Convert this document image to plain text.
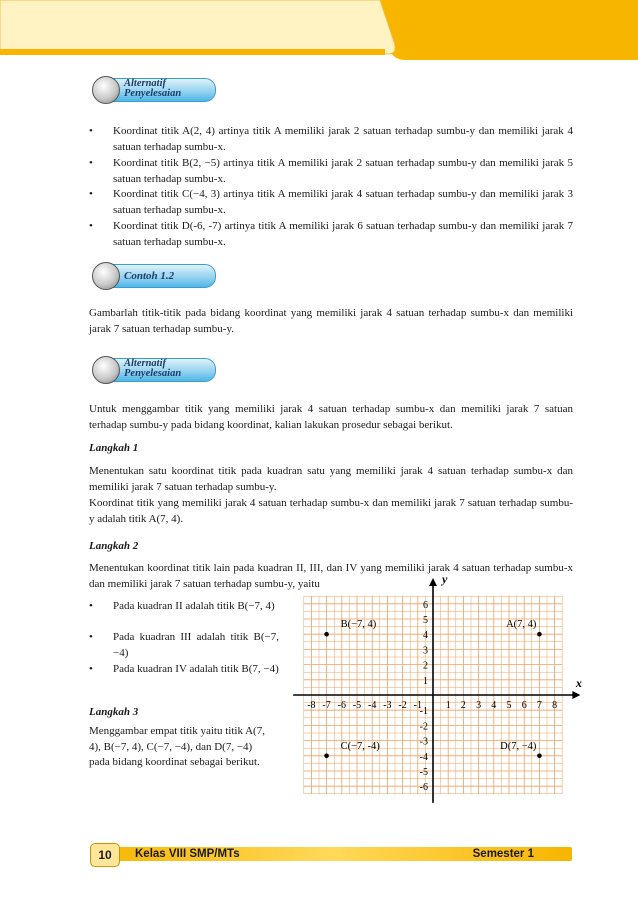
Alternatif
Penyelesaian
• Koordinat titik A(2, 4) artinya titik A memiliki jarak 2 satuan terhadap sumbu-y dan memiliki jarak 4 satuan terhadap sumbu-x.
• Koordinat titik B(2, −5) artinya titik A memiliki jarak 2 satuan terhadap sumbu-y dan memiliki jarak 5 satuan terhadap sumbu-x.
• Koordinat titik C(−4, 3) artinya titik A memiliki jarak 4 satuan terhadap sumbu-y dan memiliki jarak 3 satuan terhadap sumbu-x.
• Koordinat titik D(-6, -7) artinya titik A memiliki jarak 6 satuan terhadap sumbu-y dan memiliki jarak 7 satuan terhadap sumbu-x.
Contoh 1.2
Gambarlah titik-titik pada bidang koordinat yang memiliki jarak 4 satuan terhadap sumbu-x dan memiliki jarak 7 satuan terhadap sumbu-y.
Alternatif
Penyelesaian
Untuk menggambar titik yang memiliki jarak 4 satuan terhadap sumbu-x dan memiliki jarak 7 satuan terhadap sumbu-y pada bidang koordinat, kalian lakukan prosedur sebagai berikut.
Langkah 1
Menentukan satu koordinat titik pada kuadran satu yang memiliki jarak 4 satuan terhadap sumbu-x dan memiliki jarak 7 satuan terhadap sumbu-y.
Koordinat titik yang memiliki jarak 4 satuan terhadap sumbu-x dan memiliki jarak 7 satuan terhadap sumbu-y adalah titik A(7, 4).
Langkah 2
Menentukan koordinat titik lain pada kuadran II, III, dan IV yang memiliki jarak 4 satuan terhadap sumbu-x dan memiliki jarak 7 satuan terhadap sumbu-y, yaitu
• Pada kuadran II adalah titik B(−7, 4)
• Pada kuadran III adalah titik B(−7, −4)
• Pada kuadran IV adalah titik B(7, −4)
Langkah 3
Menggambar empat titik yaitu titik A(7, 4), B(−7, 4), C(−7, −4), dan D(7, −4) pada bidang koordinat sebagai berikut.
x
y
-8 -7 -6 -5 -4 -3 -2 -1 1 2 3 4 5 6 7 8
6
5
4
3
2
1
-1
-2
-3
-4
-5
-6
A(7, 4)
B(−7, 4)
C(−7, -4)	D(7, −4)
10	Kelas VIII SMP/MTs	Semester 1
